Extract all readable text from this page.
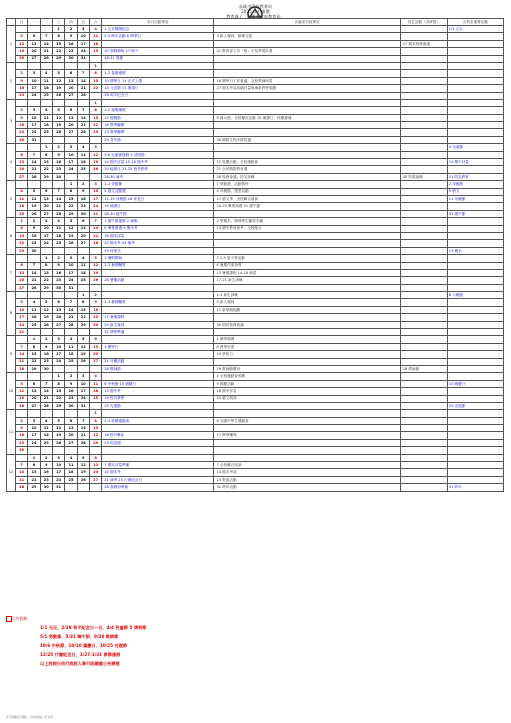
高雄市政府教育局
2025 年行事曆
教育處 / 「高雄市政府教育局」
	日	一	二	三	四	五	六	本月活動事宜	各處室行政事宜	其它活動（含研習）	各科室重要活動
1				1	2	3	4	1 元旦開國紀念			1/1 元旦
	5	6	7	8	9	10	11	4-5 跨年活動 6 開學日	3 新人報到，辦理交接		
	12	13	14	15	16	17	18			17 期末校務會議	
	19	20	21	22	23	24	25	20 寒假開始 27 除夕	21 教育部公告「獎」字及學習計畫		
	26	27	28	29	30	31		28-31 春節			
2							1				
	2	3	4	5	6	7	8	1-2 春節連假			
	9	10	11	12	13	14	15	10 開學日 11 正式上課	16 開學日工作會議，全校教師研習		
	16	17	18	19	20	21	22	14 元宵節 17 補課日	27 期末考試成績評量與補救教學規劃		
	23	24	25	26	27	28		28 和平紀念日			
3							1				
	2	3	4	5	6	7	8	1-2 連假補假			
	9	10	11	12	13	14	15	12 植樹節	8 婦女節，全校慶祝活動 15 補課日，校慶籌備		
	16	17	18	19	20	21	22	16 教學觀摩			
	23	24	25	26	27	28	29	23 教學觀摩			
	30	31						29 青年節	26 國際生物多樣性週		
4			1	2	3	4	5				4 兒童節
	6	7	8	9	10	11	12	3-6 兒童節連假 5 清明節			
	13	14	15	16	17	18	19	14 期中評量 15-16 期中考	12 校慶活動，全校運動會		14 期中評量
	20	21	22	23	24	25	26	20 地球日 21-25 校外教學	21 全民國防教育週		
	27	28	29	30				28-30 補考	28 校務會議，防災演練	30 防震演練	11 防災教育
5					1	2	3	1-2 勞動節	1 勞動節，活動暫停		2 母親節
	4	5	6	7	8	9	10	5 藝文活動週	4 母親節，感恩活動		5 藝文
	11	12	13	14	15	16	17	11-15 母親節 16 家長日	17 藝文季，全校聯合展演		11 母親節
	18	19	20	21	22	23	24	19 補課日	24-25 畢業典禮 31 端午節		
	25	26	27	28	29	30	31	26-30 端午節			31 端午節
6	1	2	3	4	5	6	7	1 端午節連假 2 補假	2 學期末，辦理學生離校手續		
	8	9	10	11	12	13	14	6 畢業典禮 9 期末考	14 國中教育會考，全校配合		
	15	16	17	18	19	20	21	16 期末評量			
	22	23	24	25	26	27	28	22 期末考 24 補考			
	29	30						29 休業式			15 期末
7			1	2	3	4	5	1 暑假開始	7 1-5 夏令營活動		
	6	7	8	9	10	11	12	2-3 暑期輔導	6 暑期作業指導		
	13	14	15	16	17	18	19		13 暑期課程 14-18 研習		
	20	21	22	23	24	25	26	28 暑期活動	17-21 新生訓練		
	27	28	29	30	31						
8						1	2		1-3 新生訓練		8 父親節
	3	4	5	6	7	8	9	2-3 暑期輔導	5 新人報到		
	10	11	12	13	14	15	16		11 新學期規劃		
	17	18	19	20	21	22	23	17 暑期課程			
	24	25	26	27	28	29	30	24 新生報到	30 期初校務會議		
	31							31 開學準備			
9		1	2	3	4	5	6		1 開學典禮		
	7	8	9	10	11	12	13	1 開學日	8 教學計畫		
	14	15	16	17	18	19	20		14 學校日		
	21	22	23	24	25	26	27	21 社團活動			
	28	29	30					28 教師節	29 教師節慶祝	28 教師節	
10				1	2	3	4		4 全校運動會預賽		
	5	6	7	8	9	10	11	6 中秋節 10 國慶日	9 國慶活動		10 國慶日
	12	13	14	15	16	17	18	15 期中考	16 期中評量		
	19	20	21	22	23	24	25	19 校外教學	20 藝文展演		
	26	27	28	29	30	31		25 光復節			25 光復節
11							1				
	2	3	4	5	6	7	8	2-3 校慶運動會	6 全國中學生運動會		
	9	10	11	12	13	14	15				
	16	17	18	19	20	21	22	16 校外參訪	17 教學輔導		
	23	24	25	26	27	28	29	23 英語週			
	30										
12		1	2	3	4	5	6				
	7	8	9	10	11	12	13	7 期末評量準備	7 全校聯合展演		
	14	15	16	17	18	19	20	14 期末考	14 期末考試		
	21	22	23	24	25	26	27	21 補考 25 行憲紀念日	24 聖誕活動		
	28	29	30	31				28 寒假前準備	31 跨年活動		31 跨年
1/1 元旦、2/28 和平紀念日一日、4/4 兒童節 5 清明節
5/1 勞動節、5/31 端午節、9/28 教師節
10/6 中秋節、10/10 國慶日、10/25 光復節
12/25 行憲紀念日、1/27-1/31 春節連假
以上放假日依行政院人事行政總處公告辦理
公告假期
本行事曆如有變動，以學校網站公告為準。
